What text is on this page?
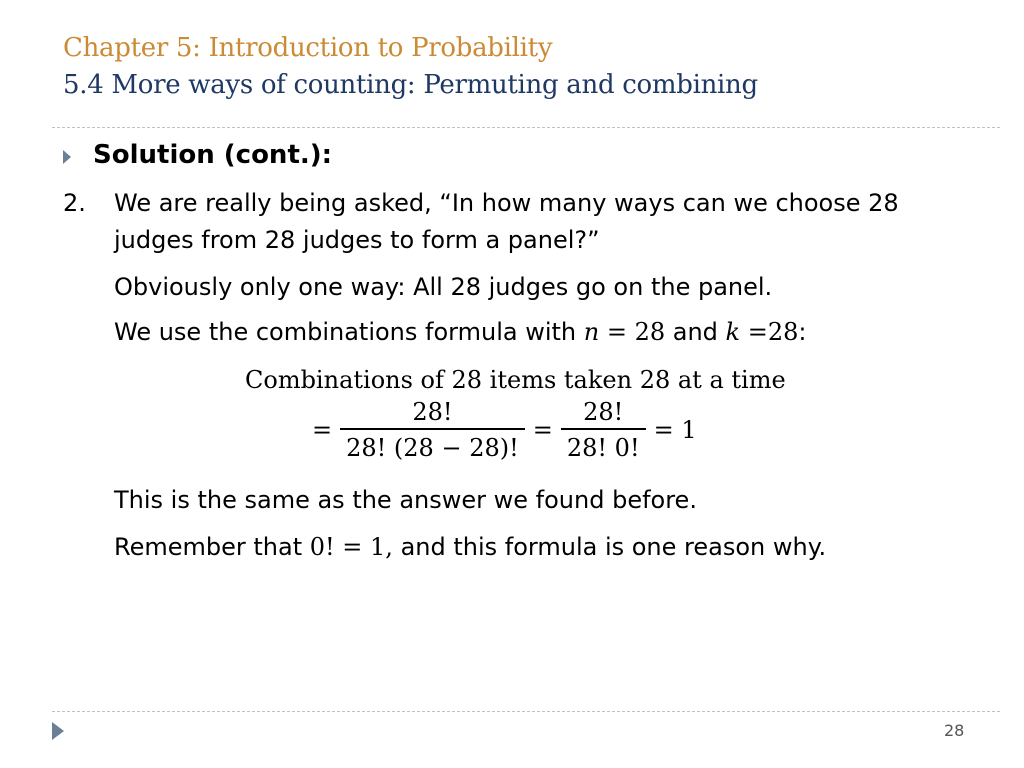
Chapter 5: Introduction to Probability
5.4 More ways of counting: Permuting and combining
Solution (cont.):
2. We are really being asked, “In how many ways can we choose 28
judges from 28 judges to form a panel?”
Obviously only one way: All 28 judges go on the panel.
We use the combinations formula with n = 28 and k =28:
Combinations of 28 items taken 28 at a time
= $\frac{28!}{28! (28 - 28)!} = \frac{28!}{28! 0!} = 1$
This is the same as the answer we found before.
Remember that 0! = 1, and this formula is one reason why.
28
